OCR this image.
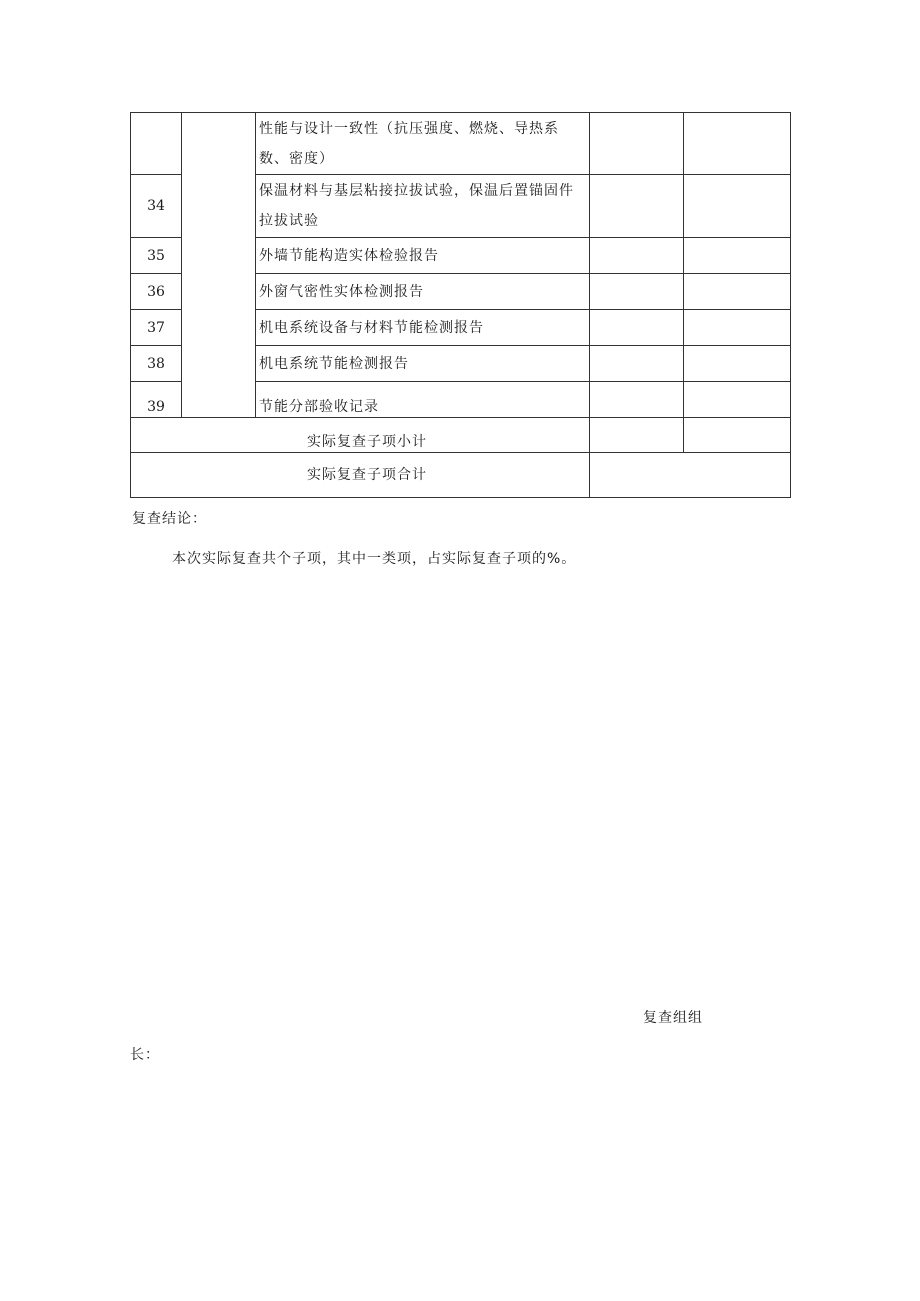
		性能与设计一致性（抗压强度、燃烧、导热系数、密度）		
34		保温材料与基层粘接拉拔试验，保温后置锚固件拉拔试验		
35		外墙节能构造实体检验报告		
36		外窗气密性实体检测报告		
37		机电系统设备与材料节能检测报告		
38		机电系统节能检测报告		
39		节能分部验收记录		
实际复查子项小计				
实际复查子项合计				
复查结论：
本次实际复查共个子项，其中一类项，占实际复查子项的%。
复查组组
长：
